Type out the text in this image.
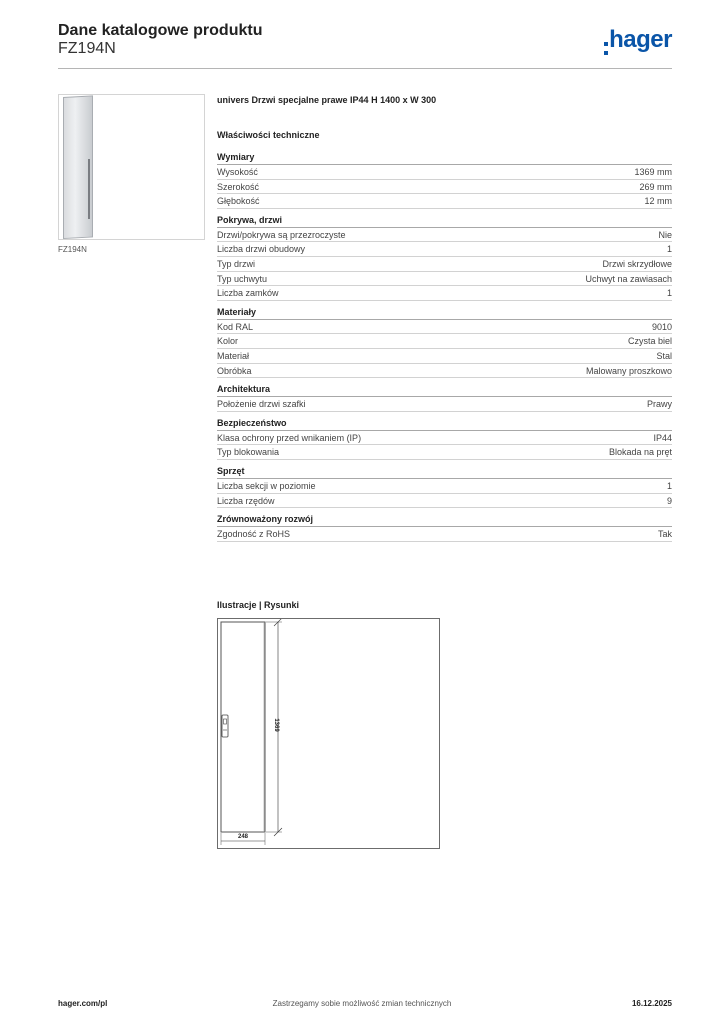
Dane katalogowe produktu
FZ194N	hager
FZ194N
univers Drzwi specjalne prawe IP44 H 1400 x W 300
Właściwości techniczne
Wymiary
Wysokość	1369 mm
Szerokość	269 mm
Głębokość	12 mm
Pokrywa, drzwi
Drzwi/pokrywa są przezroczyste	Nie
Liczba drzwi obudowy	1
Typ drzwi	Drzwi skrzydłowe
Typ uchwytu	Uchwyt na zawiasach
Liczba zamków	1
Materiały
Kod RAL	9010
Kolor	Czysta biel
Materiał	Stal
Obróbka	Malowany proszkowo
Architektura
Położenie drzwi szafki	Prawy
Bezpieczeństwo
Klasa ochrony przed wnikaniem (IP)	IP44
Typ blokowania	Blokada na pręt
Sprzęt
Liczba sekcji w poziomie	1
Liczba rzędów	9
Zrównoważony rozwój
Zgodność z RoHS	Tak
Ilustracje | Rysunki
1369
248
hager.com/pl	Zastrzegamy sobie możliwość zmian technicznych	16.12.2025
